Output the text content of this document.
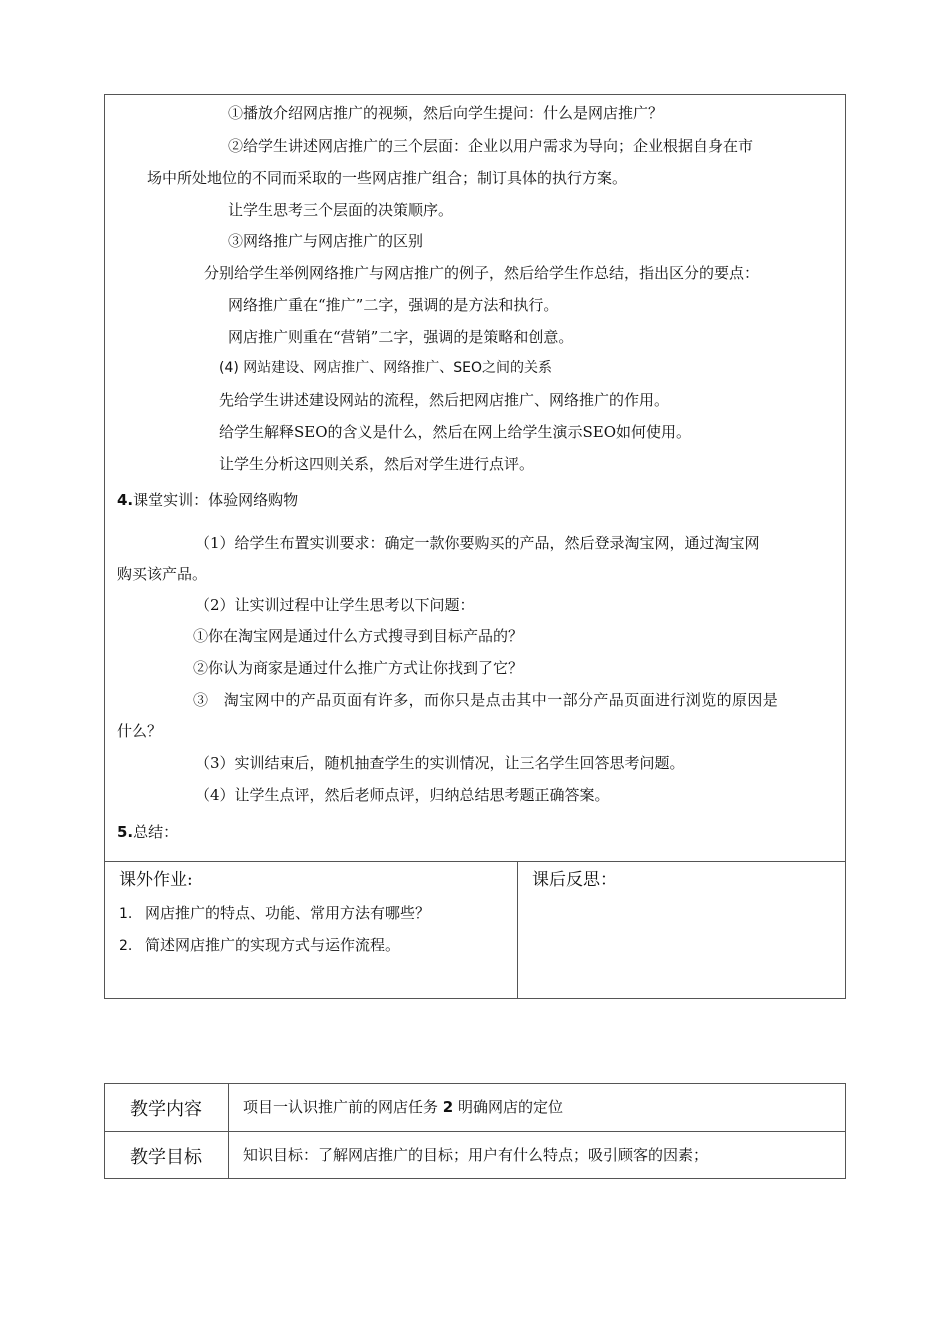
①播放介绍网店推广的视频，然后向学生提问：什么是网店推广？
②给学生讲述网店推广的三个层面：企业以用户需求为导向；企业根据自身在市
场中所处地位的不同而采取的一些网店推广组合；制订具体的执行方案。
让学生思考三个层面的决策顺序。
③网络推广与网店推广的区别
分别给学生举例网络推广与网店推广的例子，然后给学生作总结，指出区分的要点：
网络推广重在“推广”二字，强调的是方法和执行。
网店推广则重在“营销”二字，强调的是策略和创意。
(4) 网站建设、网店推广、网络推广、SEO之间的关系
先给学生讲述建设网站的流程，然后把网店推广、网络推广的作用。
给学生解释SEO的含义是什么，然后在网上给学生演示SEO如何使用。
让学生分析这四则关系，然后对学生进行点评。
4.课堂实训：体验网络购物
（1）给学生布置实训要求：确定一款你要购买的产品，然后登录淘宝网，通过淘宝网
购买该产品。
（2）让实训过程中让学生思考以下问题：
①你在淘宝网是通过什么方式搜寻到目标产品的？
②你认为商家是通过什么推广方式让你找到了它？
③　淘宝网中的产品页面有许多，而你只是点击其中一部分产品页面进行浏览的原因是
什么？
（3）实训结束后，随机抽查学生的实训情况，让三名学生回答思考问题。
（4）让学生点评，然后老师点评，归纳总结思考题正确答案。
5.总结：
课外作业:
1. 网店推广的特点、功能、常用方法有哪些？
2. 简述网店推广的实现方式与运作流程。
课后反思：
教学内容	项目一认识推广前的网店任务 2 明确网店的定位
教学目标	知识目标：了解网店推广的目标；用户有什么特点；吸引顾客的因素；
